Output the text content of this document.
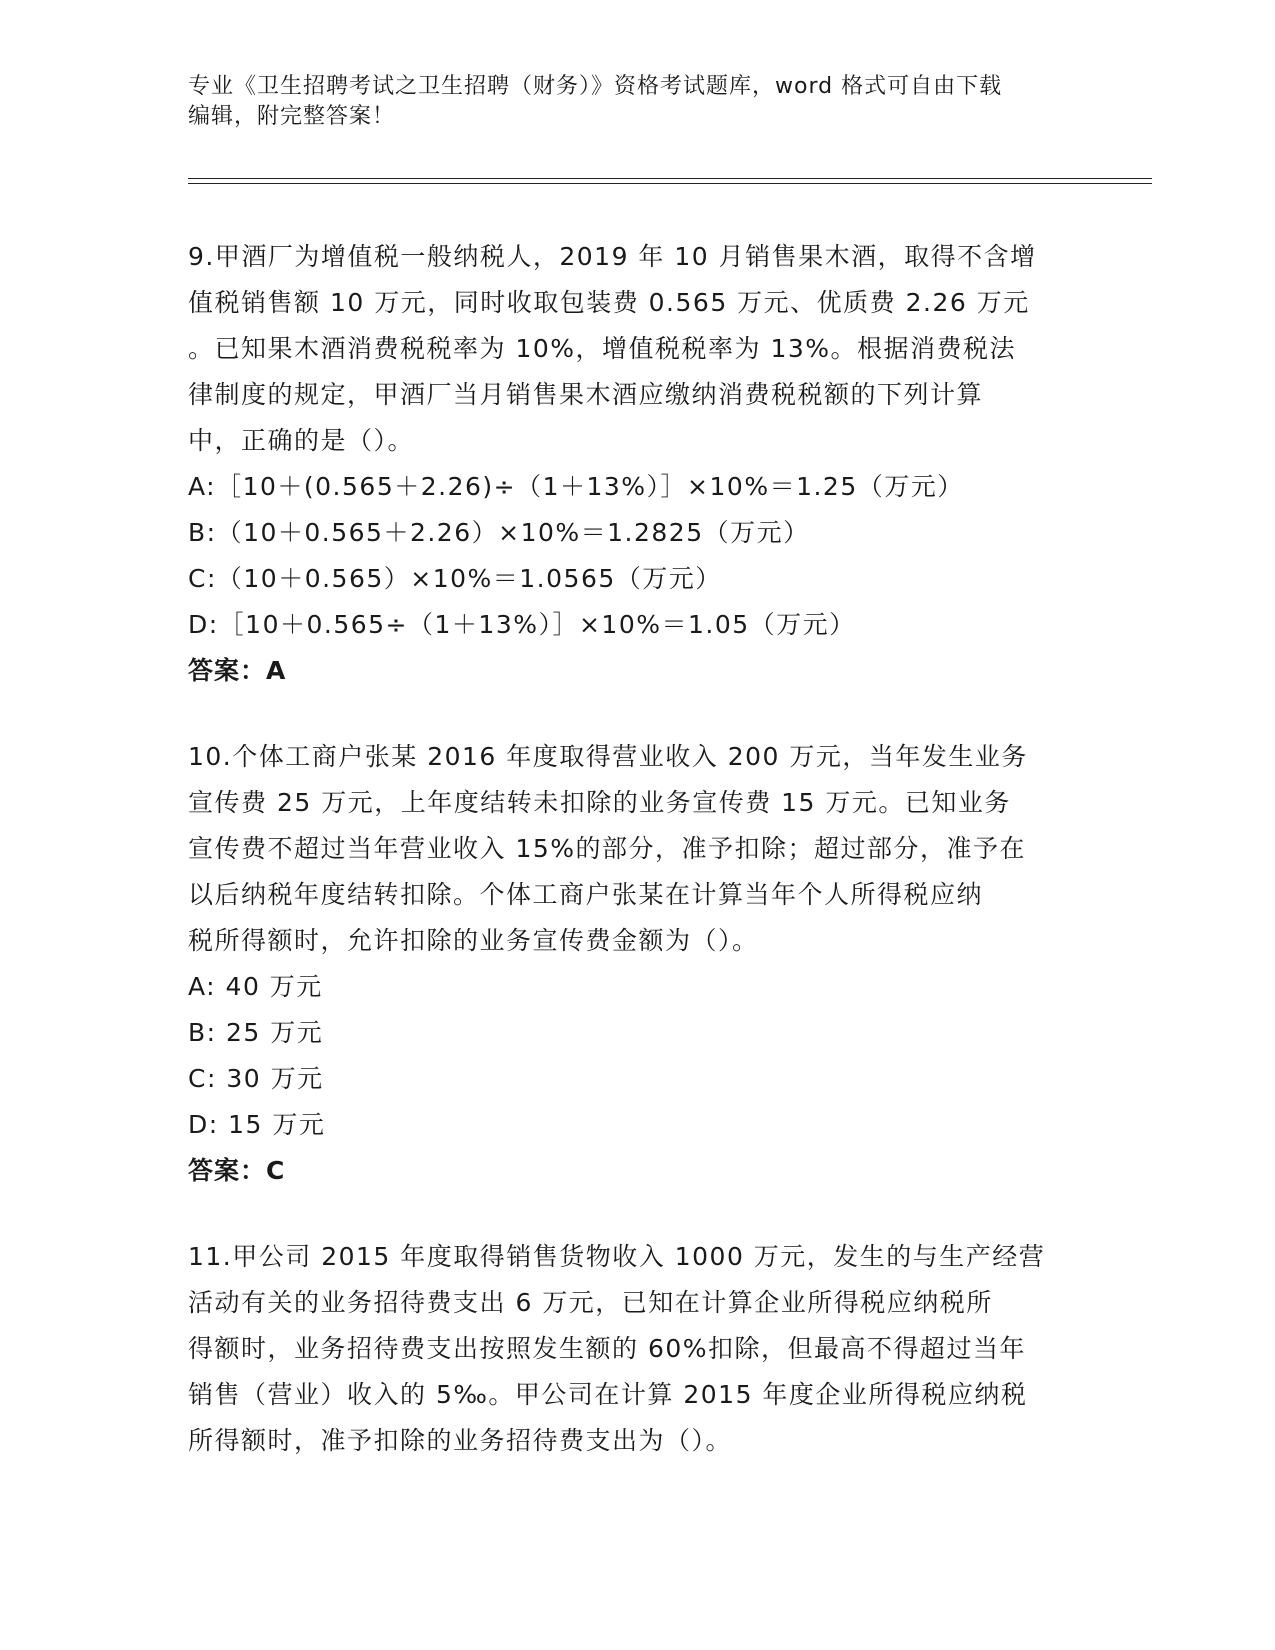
专业《卫生招聘考试之卫生招聘（财务）》资格考试题库，word 格式可自由下载
编辑，附完整答案！

9.甲酒厂为增值税一般纳税人，2019 年 10 月销售果木酒，取得不含增

值税销售额 10 万元，同时收取包装费 0.565 万元、优质费 2.26 万元

。已知果木酒消费税税率为 10%，增值税税率为 13%。根据消费税法

律制度的规定，甲酒厂当月销售果木酒应缴纳消费税税额的下列计算

中，正确的是（）。

A:［10＋(0.565＋2.26)÷（1＋13%）］×10%＝1.25（万元）

B:（10＋0.565＋2.26）×10%＝1.2825（万元）

C:（10＋0.565）×10%＝1.0565（万元）

D:［10＋0.565÷（1＋13%）］×10%＝1.05（万元）

答案：A

10.个体工商户张某 2016 年度取得营业收入 200 万元，当年发生业务

宣传费 25 万元，上年度结转未扣除的业务宣传费 15 万元。已知业务

宣传费不超过当年营业收入 15%的部分，准予扣除；超过部分，准予在

以后纳税年度结转扣除。个体工商户张某在计算当年个人所得税应纳

税所得额时，允许扣除的业务宣传费金额为（）。

A: 40 万元

B: 25 万元

C: 30 万元

D: 15 万元

答案：C

11.甲公司 2015 年度取得销售货物收入 1000 万元，发生的与生产经营

活动有关的业务招待费支出 6 万元，已知在计算企业所得税应纳税所

得额时，业务招待费支出按照发生额的 60%扣除，但最高不得超过当年

销售（营业）收入的 5‰。甲公司在计算 2015 年度企业所得税应纳税

所得额时，准予扣除的业务招待费支出为（）。
